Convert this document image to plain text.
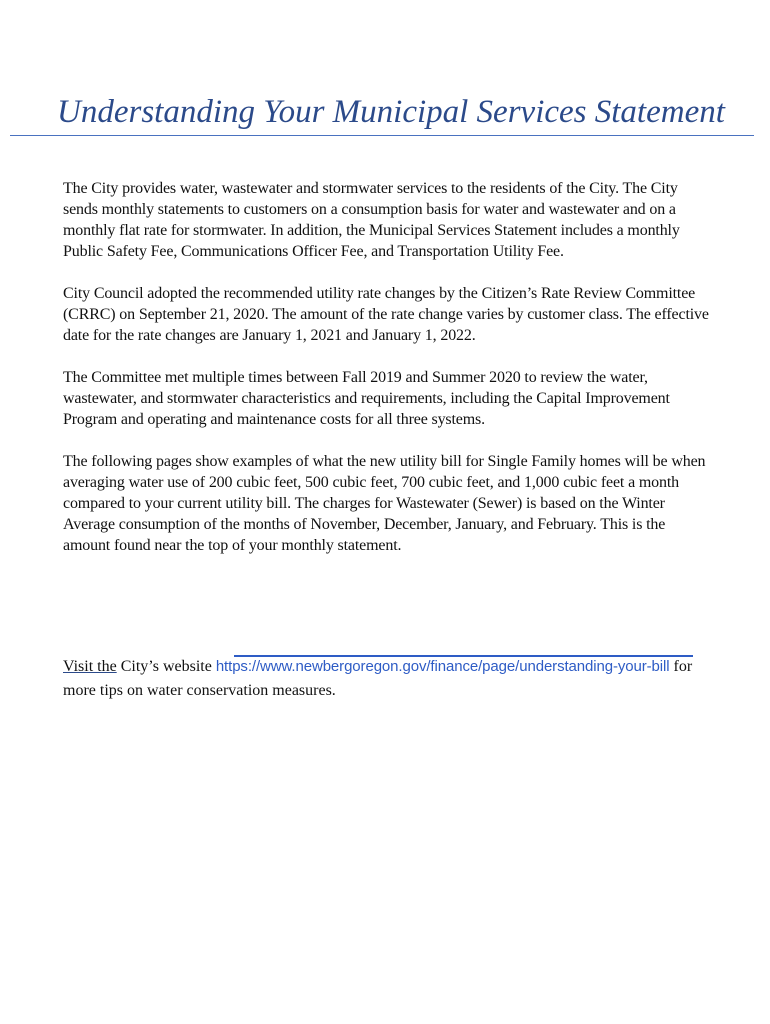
Understanding Your Municipal Services Statement

The City provides water, wastewater and stormwater services to the residents of the City. The City sends monthly statements to customers on a consumption basis for water and wastewater and on a monthly flat rate for stormwater. In addition, the Municipal Services Statement includes a monthly Public Safety Fee, Communications Officer Fee, and Transportation Utility Fee.

City Council adopted the recommended utility rate changes by the Citizen’s Rate Review Committee (CRRC) on September 21, 2020. The amount of the rate change varies by customer class. The effective date for the rate changes are January 1, 2021 and January 1, 2022.

The Committee met multiple times between Fall 2019 and Summer 2020 to review the water, wastewater, and stormwater characteristics and requirements, including the Capital Improvement Program and operating and maintenance costs for all three systems.

The following pages show examples of what the new utility bill for Single Family homes will be when averaging water use of 200 cubic feet, 500 cubic feet, 700 cubic feet, and 1,000 cubic feet a month compared to your current utility bill. The charges for Wastewater (Sewer) is based on the Winter Average consumption of the months of November, December, January, and February. This is the amount found near the top of your monthly statement.

Visit the City’s website https://www.newbergoregon.gov/finance/page/understanding-your-bill for more tips on water conservation measures.
